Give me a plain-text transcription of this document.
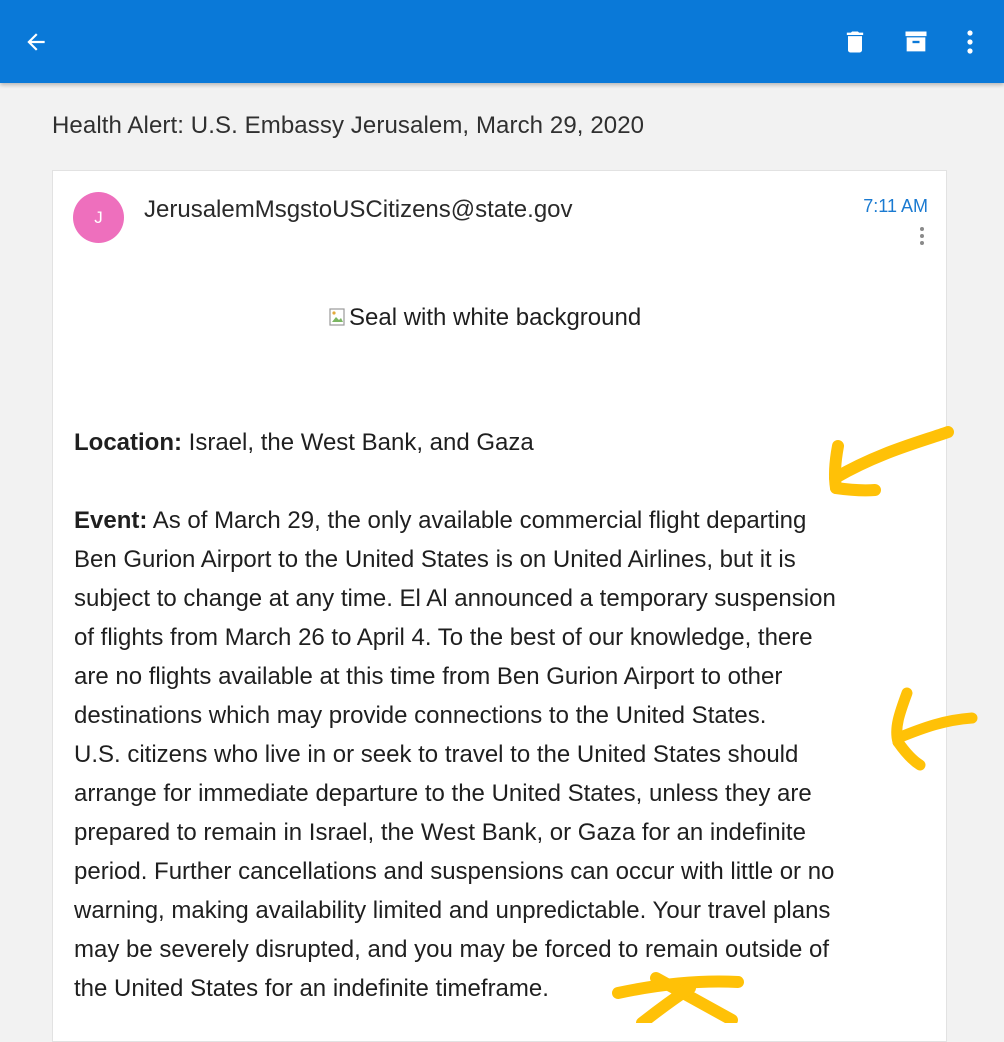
Health Alert: U.S. Embassy Jerusalem, March 29, 2020
J JerusalemMsgstoUSCitizens@state.gov	7:11 AM
Seal with white background

Location: Israel, the West Bank, and Gaza

Event: As of March 29, the only available commercial flight departing

Ben Gurion Airport to the United States is on United Airlines, but it is

subject to change at any time. El Al announced a temporary suspension

of flights from March 26 to April 4. To the best of our knowledge, there

are no flights available at this time from Ben Gurion Airport to other

destinations which may provide connections to the United States.

U.S. citizens who live in or seek to travel to the United States should

arrange for immediate departure to the United States, unless they are

prepared to remain in Israel, the West Bank, or Gaza for an indefinite

period. Further cancellations and suspensions can occur with little or no

warning, making availability limited and unpredictable. Your travel plans

may be severely disrupted, and you may be forced to remain outside of

the United States for an indefinite timeframe.
